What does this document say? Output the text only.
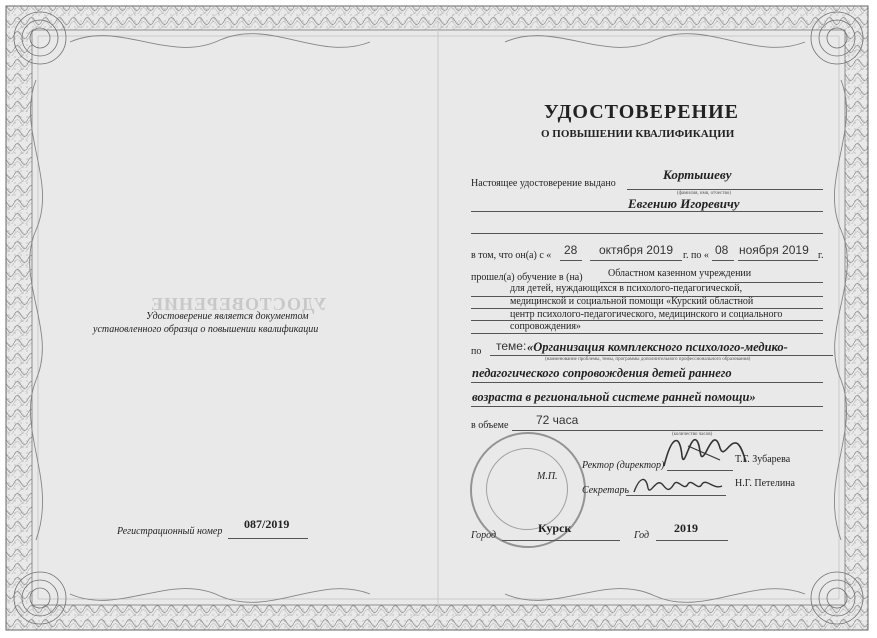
УДОСТОВЕРЕНИЕ
Удостоверение является документом
установленного образца о повышении квалификации
Регистрационный номер
087/2019
УДОСТОВЕРЕНИЕ
О ПОВЫШЕНИИ КВАЛИФИКАЦИИ
Настоящее удостоверение выдано
Кортышеву
(фамилия, имя, отчество)
Евгению Игоревичу
в том, что он(а) с « 28 октября 2019 г. по « 08 ноября 2019 г.
прошел(а) обучение в (на)	Областном казенном учреждении
для детей, нуждающихся в психолого-педагогической,
медицинской и социальной помощи «Курский областной
центр психолого-педагогического, медицинского и социального
сопровождения»
по теме: «Организация комплексного психолого-медико-
(наименование проблемы, темы, программы дополнительного профессионального образования)
педагогического сопровождения детей раннего
возраста в региональной системе ранней помощи»
в объеме 72 часа
(количество часов)
М.П.
Ректор (директор)
Т.Г. Зубарева
Секретарь
Н.Г. Петелина
Город
Курск
Год
2019
